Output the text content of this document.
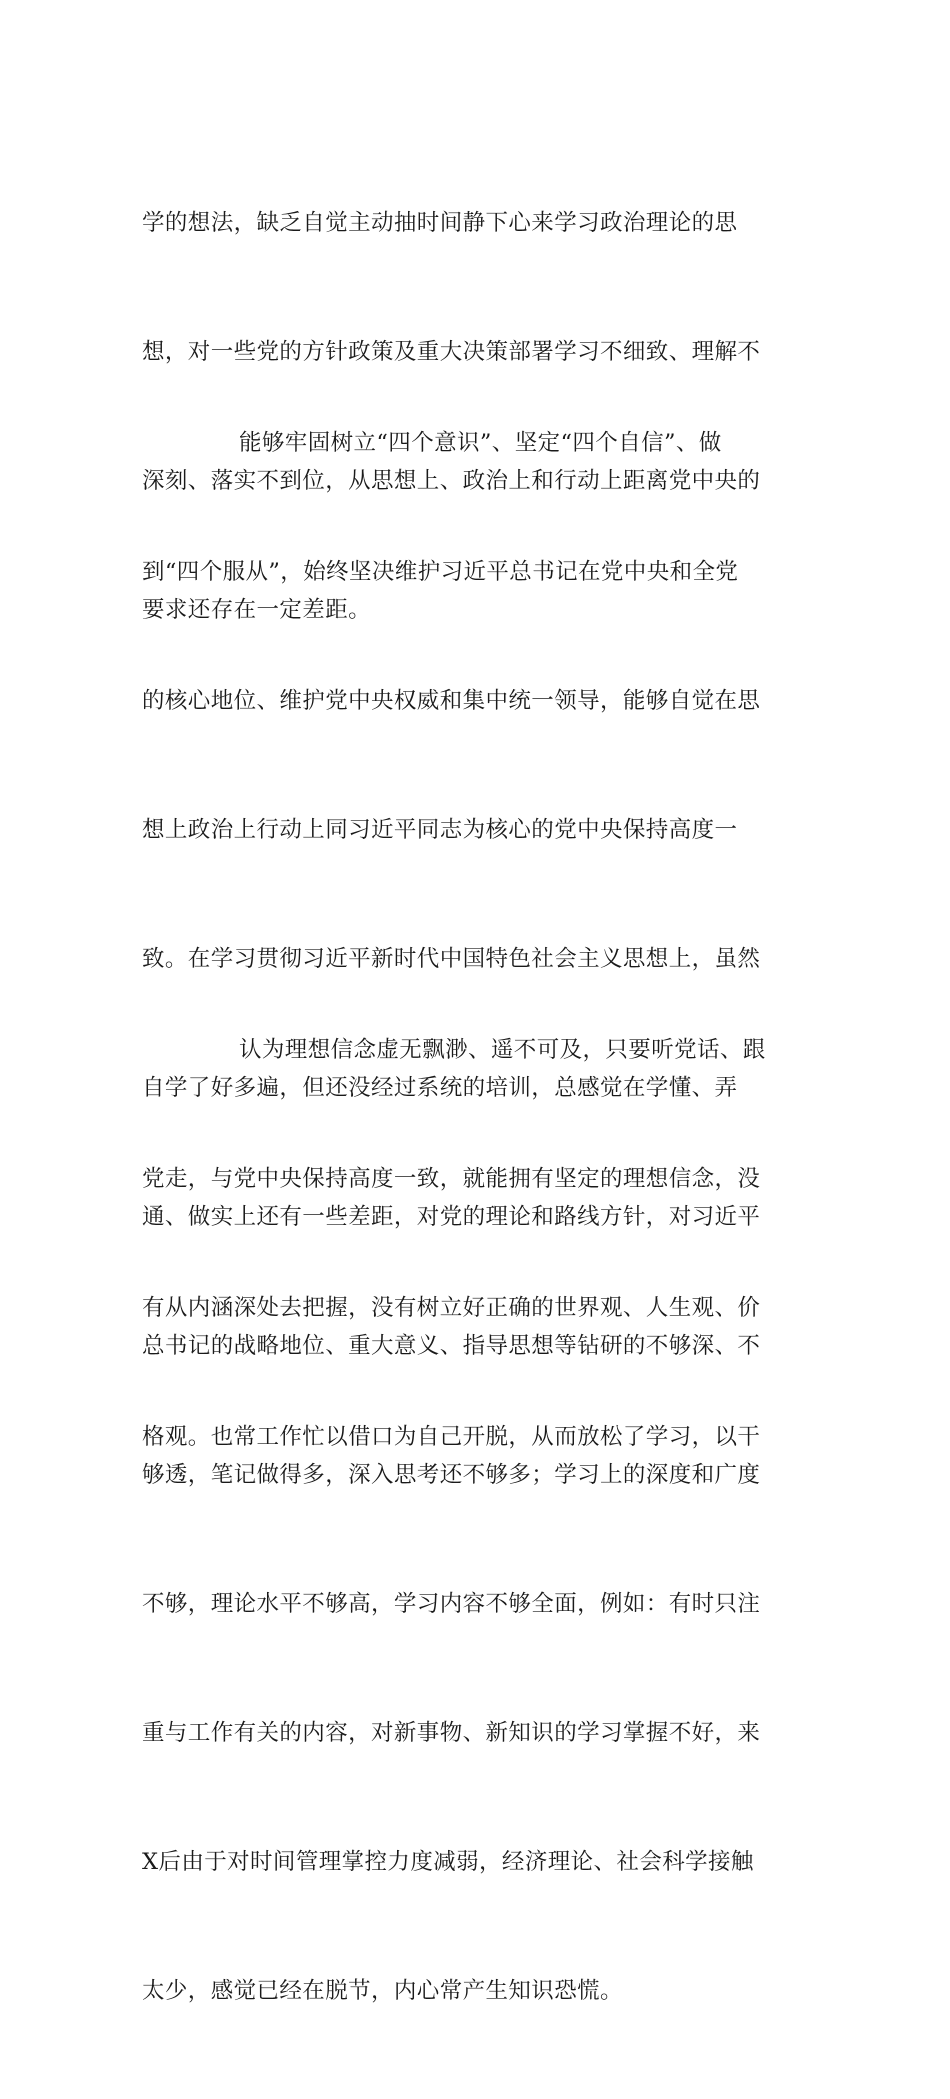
学的想法，缺乏自觉主动抽时间静下心来学习政治理论的思

想，对一些党的方针政策及重大决策部署学习不细致、理解不

深刻、落实不到位，从思想上、政治上和行动上距离党中央的

要求还存在一定差距。

能够牢固树立“四个意识”、坚定“四个自信”、做

到“四个服从”，始终坚决维护习近平总书记在党中央和全党

的核心地位、维护党中央权威和集中统一领导，能够自觉在思

想上政治上行动上同习近平同志为核心的党中央保持高度一

致。在学习贯彻习近平新时代中国特色社会主义思想上，虽然

自学了好多遍，但还没经过系统的培训，总感觉在学懂、弄

通、做实上还有一些差距，对党的理论和路线方针，对习近平

总书记的战略地位、重大意义、指导思想等钻研的不够深、不

够透，笔记做得多，深入思考还不够多；学习上的深度和广度

不够，理论水平不够高，学习内容不够全面，例如：有时只注

重与工作有关的内容，对新事物、新知识的学习掌握不好，来

X后由于对时间管理掌控力度减弱，经济理论、社会科学接触

太少，感觉已经在脱节，内心常产生知识恐慌。

认为理想信念虚无飘渺、遥不可及，只要听党话、跟

党走，与党中央保持高度一致，就能拥有坚定的理想信念，没

有从内涵深处去把握，没有树立好正确的世界观、人生观、价

格观。也常工作忙以借口为自己开脱，从而放松了学习，以干
